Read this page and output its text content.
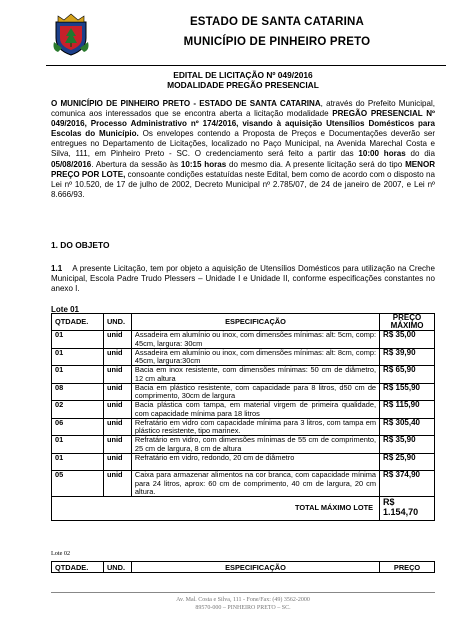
ESTADO DE SANTA CATARINA
MUNICÍPIO DE PINHEIRO PRETO
EDITAL DE LICITAÇÃO Nº 049/2016
MODALIDADE PREGÃO PRESENCIAL
O MUNICÍPIO DE PINHEIRO PRETO - ESTADO DE SANTA CATARINA, através do Prefeito Municipal, comunica aos interessados que se encontra aberta a licitação modalidade PREGÃO PRESENCIAL Nº 049/2016, Processo Administrativo nº 174/2016, visando à aquisição Utensílios Domésticos para Escolas do Município. Os envelopes contendo a Proposta de Preços e Documentações deverão ser entregues no Departamento de Licitações, localizado no Paço Municipal, na Avenida Marechal Costa e Silva, 111, em Pinheiro Preto - SC. O credenciamento será feito a partir das 10:00 horas do dia 05/08/2016. Abertura da sessão às 10:15 horas do mesmo dia. A presente licitação será do tipo MENOR PREÇO POR LOTE, consoante condições estatuídas neste Edital, bem como de acordo com o disposto na Lei nº 10.520, de 17 de julho de 2002, Decreto Municipal nº 2.785/07, de 24 de janeiro de 2007, e Lei nº 8.666/93.
1. DO OBJETO
1.1 A presente Licitação, tem por objeto a aquisição de Utensílios Domésticos para utilização na Creche Municipal, Escola Padre Trudo Plessers – Unidade I e Unidade II, conforme especificações constantes no anexo I.
Lote 01
QTDADE.	UND.	ESPECIFICAÇÃO	PREÇO
MÁXIMO
01	unid	Assadeira em alumínio ou inox, com dimensões mínimas: alt: 5cm, comp: 45cm, largura: 30cm	R$ 35,00
01	unid	Assadeira em alumínio ou inox, com dimensões mínimas: alt: 8cm, comp: 45cm, largura:30cm	R$ 39,90
01	unid	Bacia em inox resistente, com dimensões mínimas: 50 cm de diâmetro, 12 cm altura	R$ 65,90
08	unid	Bacia em plástico resistente, com capacidade para 8 litros, d50 cm de comprimento, 30cm de largura	R$ 155,90
02	unid	Bacia plástica com tampa, em material virgem de primeira qualidade, com capacidade mínima para 18 litros	R$ 115,90
06	unid	Refratário em vidro com capacidade mínima para 3 litros, com tampa em plástico resistente, tipo marinex.	R$ 305,40
01	unid	Refratário em vidro, com dimensões mínimas de 55 cm de comprimento, 25 cm de largura, 8 cm de altura	R$ 35,90
01	unid	Refratário em vidro, redondo, 20 cm de diâmetro	R$ 25,90
05	unid	Caixa para armazenar alimentos na cor branca, com capacidade mínima para 24 litros, aprox: 60 cm de comprimento, 40 cm de largura, 20 cm altura.	R$ 374,90
TOTAL MÁXIMO LOTE			R$
1.154,70
Lote 02
QTDADE.	UND.	ESPECIFICAÇÃO	PREÇO
Av. Mal. Costa e Silva, 111 - Fone/Fax: (49) 3562-2000
89570-000 – PINHEIRO PRETO – SC.
